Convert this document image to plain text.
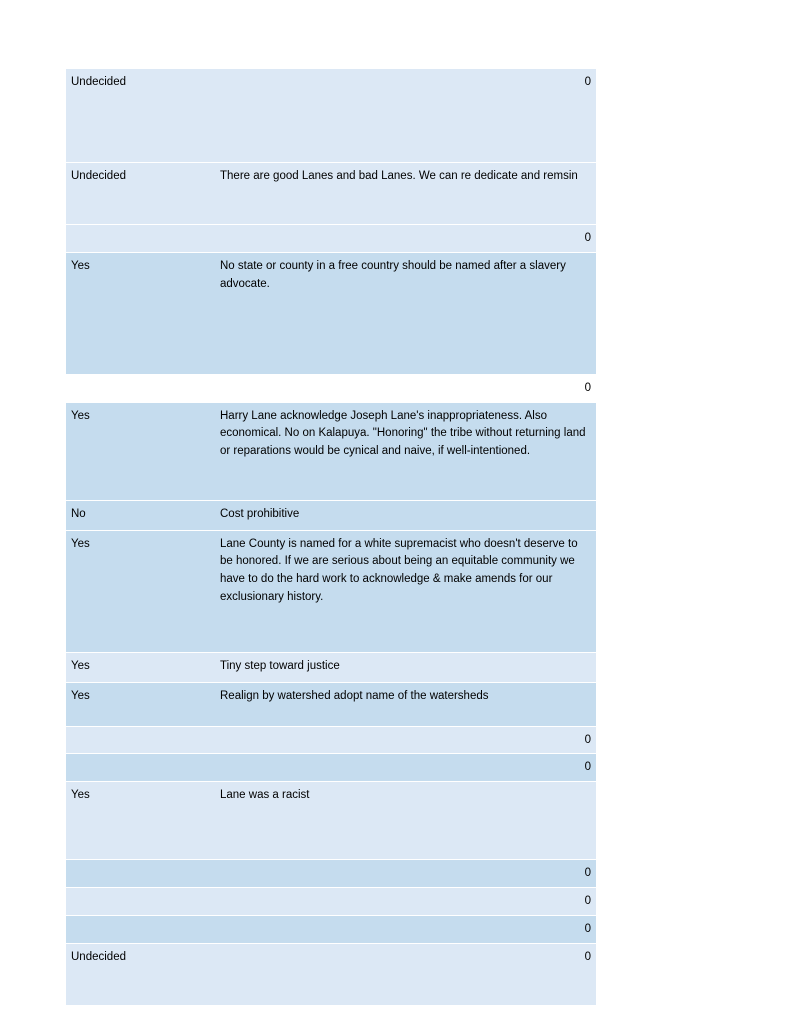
Undecided	0

Undecided	There are good Lanes and bad Lanes. We can re dedicate and remsin

	0

Yes	No state or county in a free country should be named after a slavery advocate.

	0

Yes	Harry Lane acknowledge Joseph Lane's inappropriateness. Also economical. No on Kalapuya. "Honoring" the tribe without returning land or reparations would be cynical and naive, if well-intentioned.
No	Cost prohibitive
Yes	Lane County is named for a white supremacist who doesn't deserve to be honored. If we are serious about being an equitable community we have to do the hard work to acknowledge & make amends for our exclusionary history.
Yes	Tiny step toward justice
Yes	Realign by watershed adopt name of the watersheds

	0

	0

Yes	Lane was a racist

	0

	0

	0

Undecided	0
